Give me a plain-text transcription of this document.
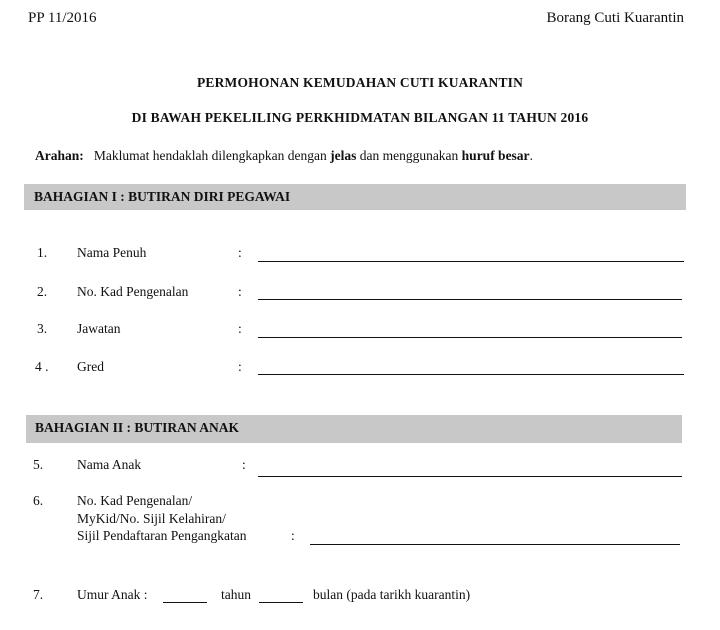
PP 11/2016	Borang Cuti Kuarantin
PERMOHONAN KEMUDAHAN CUTI KUARANTIN
DI BAWAH PEKELILING PERKHIDMATAN BILANGAN 11 TAHUN 2016
Arahan: Maklumat hendaklah dilengkapkan dengan jelas dan menggunakan huruf besar.
BAHAGIAN I : BUTIRAN DIRI PEGAWAI
1. Nama Penuh	:
2. No. Kad Pengenalan	:
3. Jawatan	:
4 . Gred	:
BAHAGIAN II : BUTIRAN ANAK
5.	Nama Anak	:
6.	No. Kad Pengenalan/
MyKid/No. Sijil Kelahiran/
Sijil Pendaftaran Pengangkatan	:
7.	Umur Anak :	tahun	bulan (pada tarikh kuarantin)
